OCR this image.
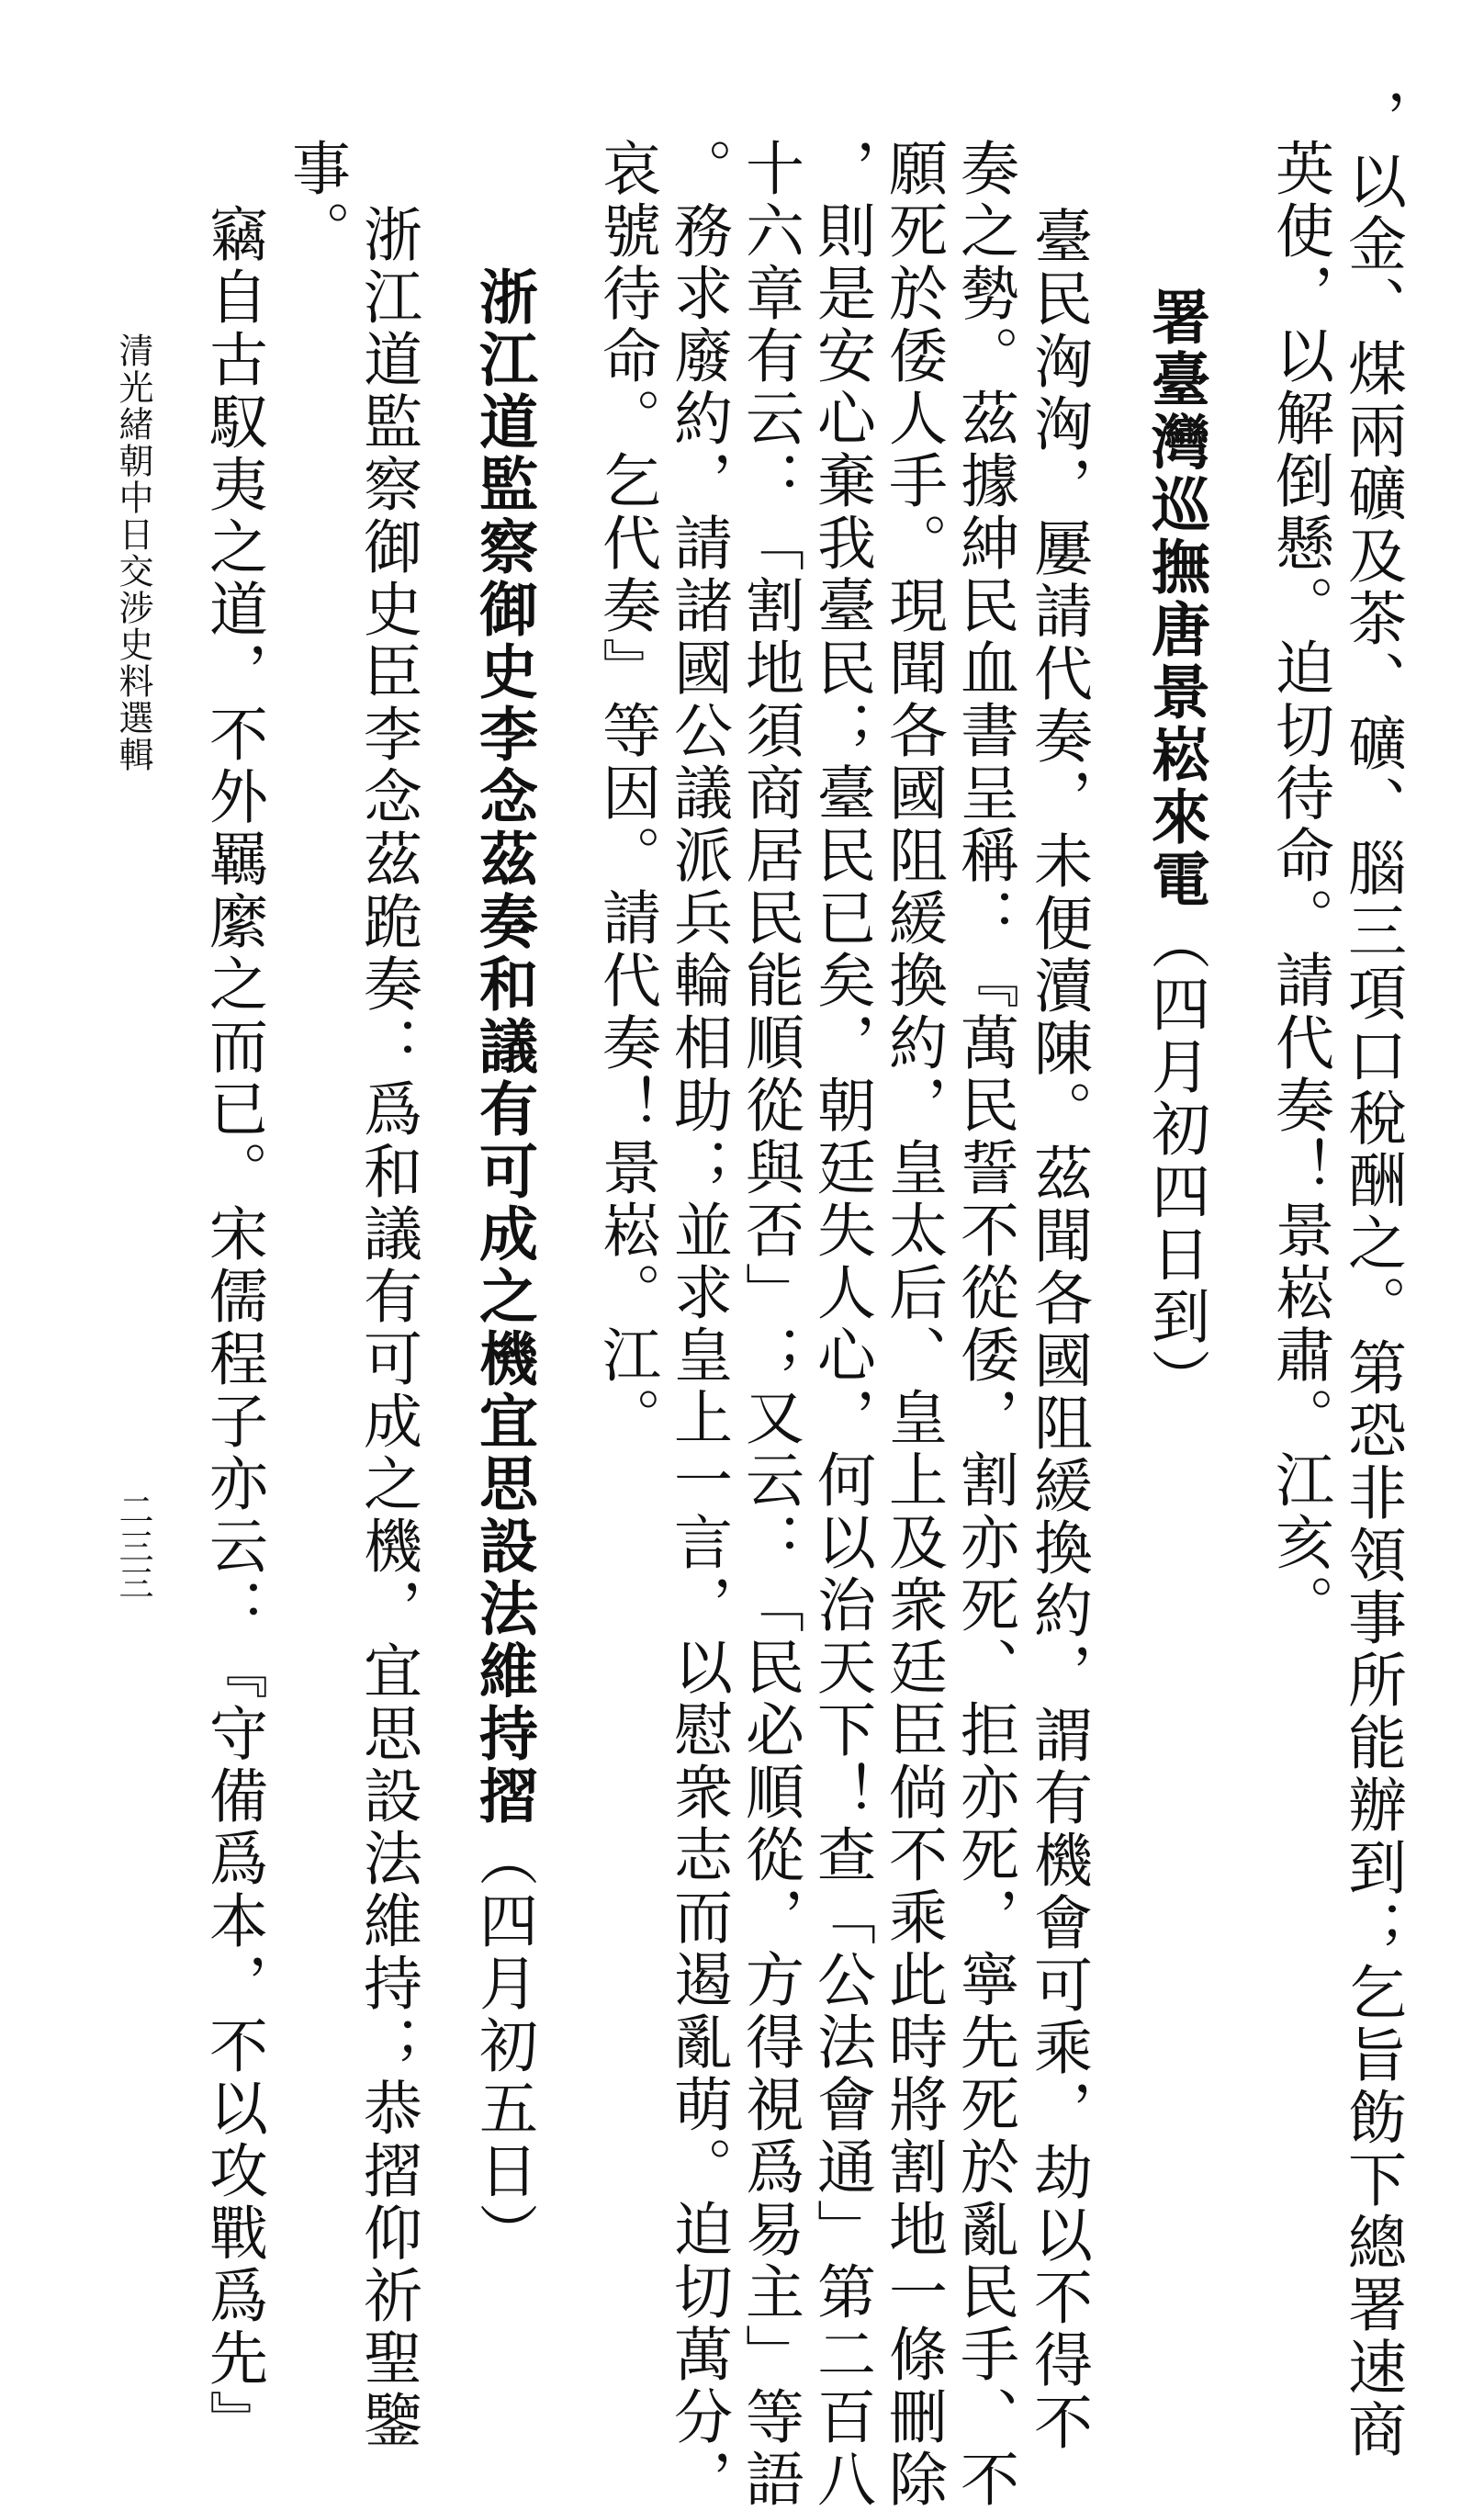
，以金、煤兩礦及茶、礦、腦三項口稅酬之。第恐非領事所能辦到；乞旨飭下總署速商
英使，以解倒懸。迫切待命。請代奏！景崧肅。江亥。
署臺灣巡撫唐景崧來電（四月初四日到）
臺民洶洶，屢請代奏，未便瀆陳。茲聞各國阻緩換約，謂有機會可乘，劫以不得不
奏之勢。茲據紳民血書呈稱：『萬民誓不從倭，割亦死、拒亦死，寧先死於亂民手、不
願死於倭人手。現聞各國阻緩換約，皇太后、皇上及衆廷臣倘不乘此時將割地一條刪除
，則是安心棄我臺民；臺民已矣，朝廷失人心，何以治天下！查「公法會通」第二百八
十六章有云：「割地須商居民能順從與否」；又云：「民必順從，方得視爲易主」等語
。務求廢約，請諸國公議派兵輪相助；並求皇上一言，以慰衆志而遏亂萌。迫切萬分，
哀號待命。乞代奏』等因。請代奏！景崧。江。
浙江道監察御史李念茲奏和議有可成之機宜思設法維持摺（四月初五日）
浙江道監察御史臣李念茲跪奏：爲和議有可成之機，宜思設法維持；恭摺仰祈聖鑒
事。
竊自古馭夷之道，不外羈縻之而已。宋儒程子亦云：『守備爲本，不以攻戰爲先』
清光緒朝中日交涉史料選輯
二三三
